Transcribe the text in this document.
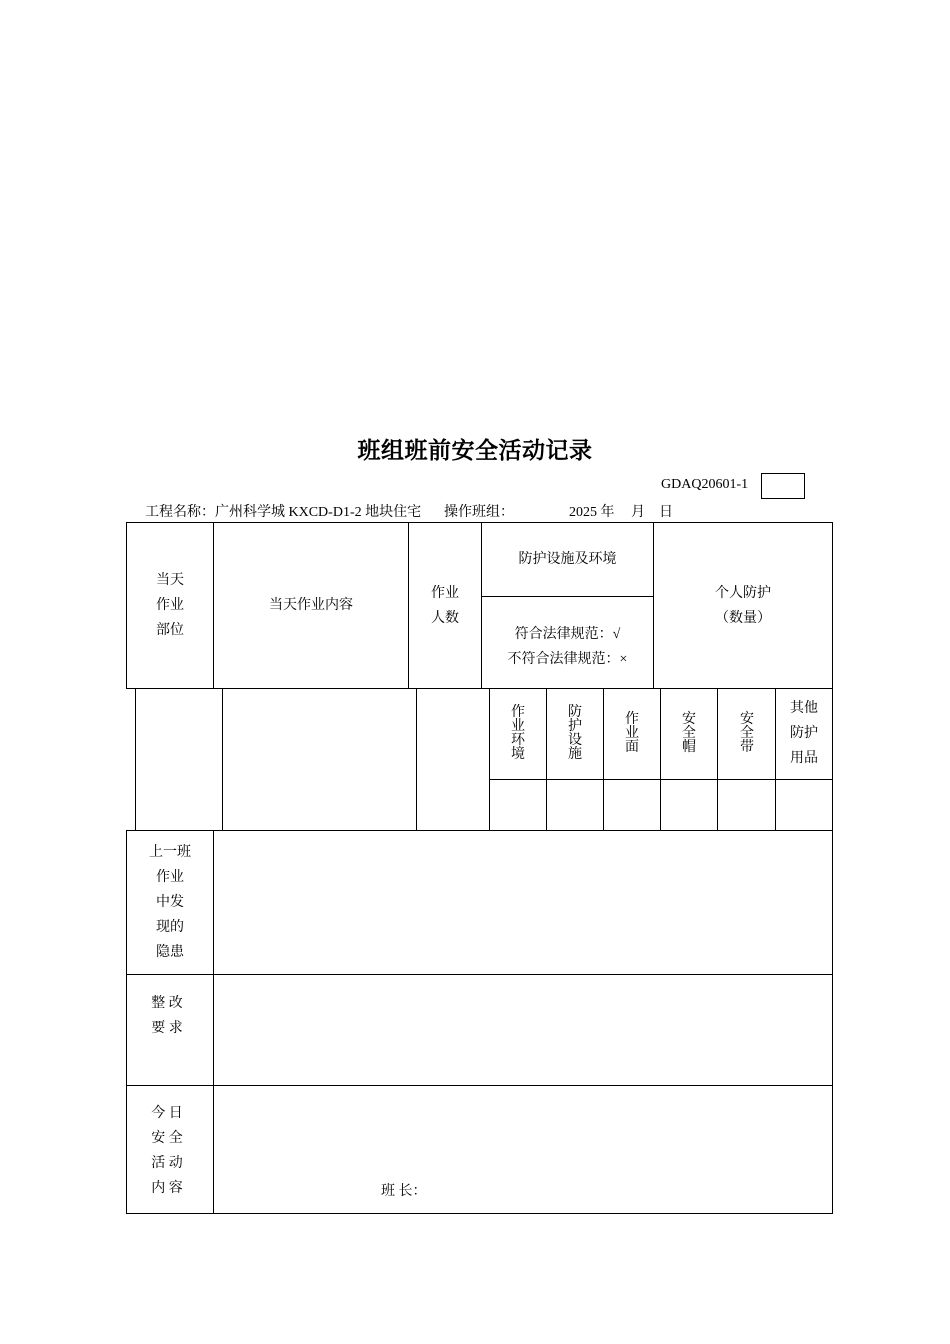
班组班前安全活动记录
GDAQ20601-1
工程名称： 广州科学城 KXCD-D1-2 地块住宅 操作班组：	2025 年 月 日
当天
作业
部位
当天作业内容
作业
人数
防护设施及环境
符合法律规范：√
不符合法律规范：×
个人防护
（数量）
作
业
环
境
防
护
设
施
作
业
面
安
全
帽
安
全
带
其他
防护
用品
上一班
作业
中发
现的
隐患
整 改
要 求
今 日
安 全
活 动
内 容	班 长：
